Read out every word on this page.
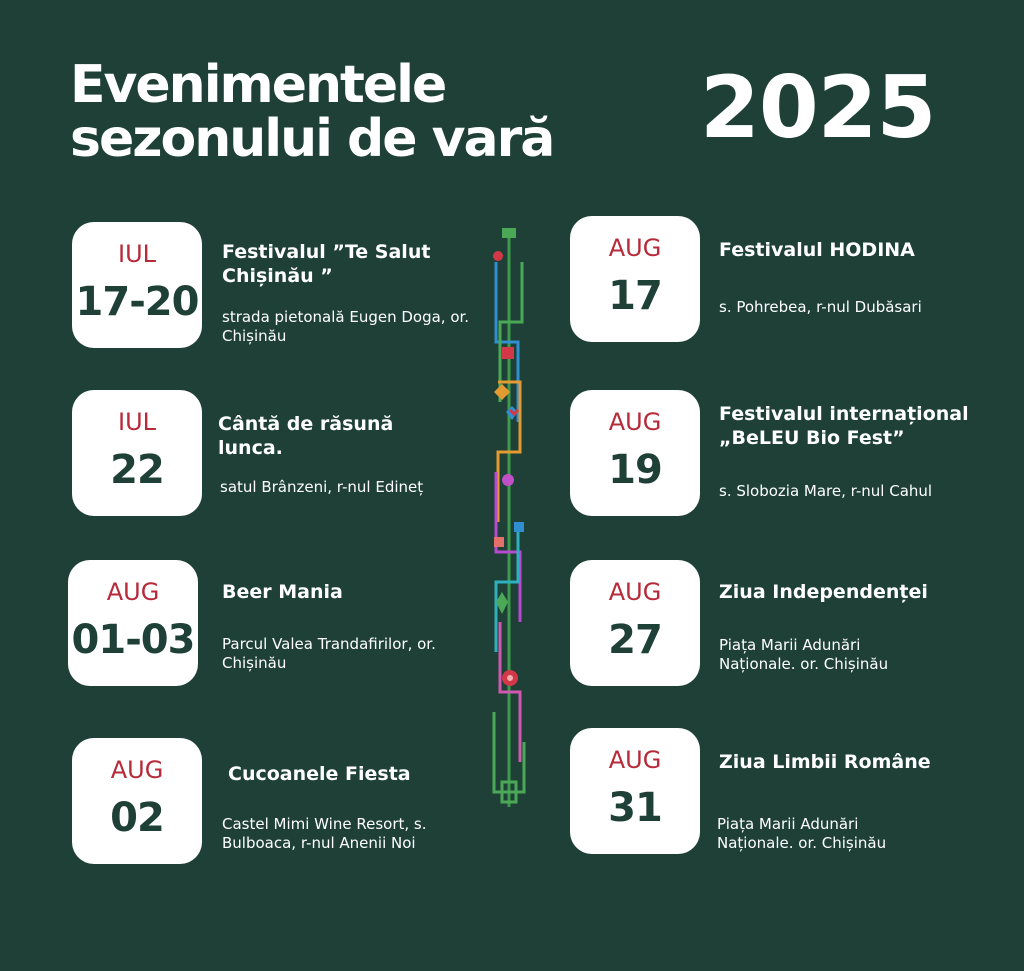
Evenimentele
sezonului de vară 2025
IUL
17-20
Festivalul ”Te Salut Chișinău ”
strada pietonală Eugen Doga, or. Chișinău
IUL
22
Cântă de răsună lunca.
satul Brânzeni, r-nul Edineț
AUG
01-03
Beer Mania
Parcul Valea Trandafirilor, or. Chișinău
AUG
02
Cucoanele Fiesta
Castel Mimi Wine Resort, s. Bulboaca, r-nul Anenii Noi
AUG
17
Festivalul HODINA
s. Pohrebea, r-nul Dubăsari
AUG
19
Festivalul internațional „BeLEU Bio Fest”
s. Slobozia Mare, r-nul Cahul
AUG
27
Ziua Independenței
Piața Marii Adunări Naționale. or. Chișinău
AUG
31
Ziua Limbii Române
Piața Marii Adunări Naționale. or. Chișinău
